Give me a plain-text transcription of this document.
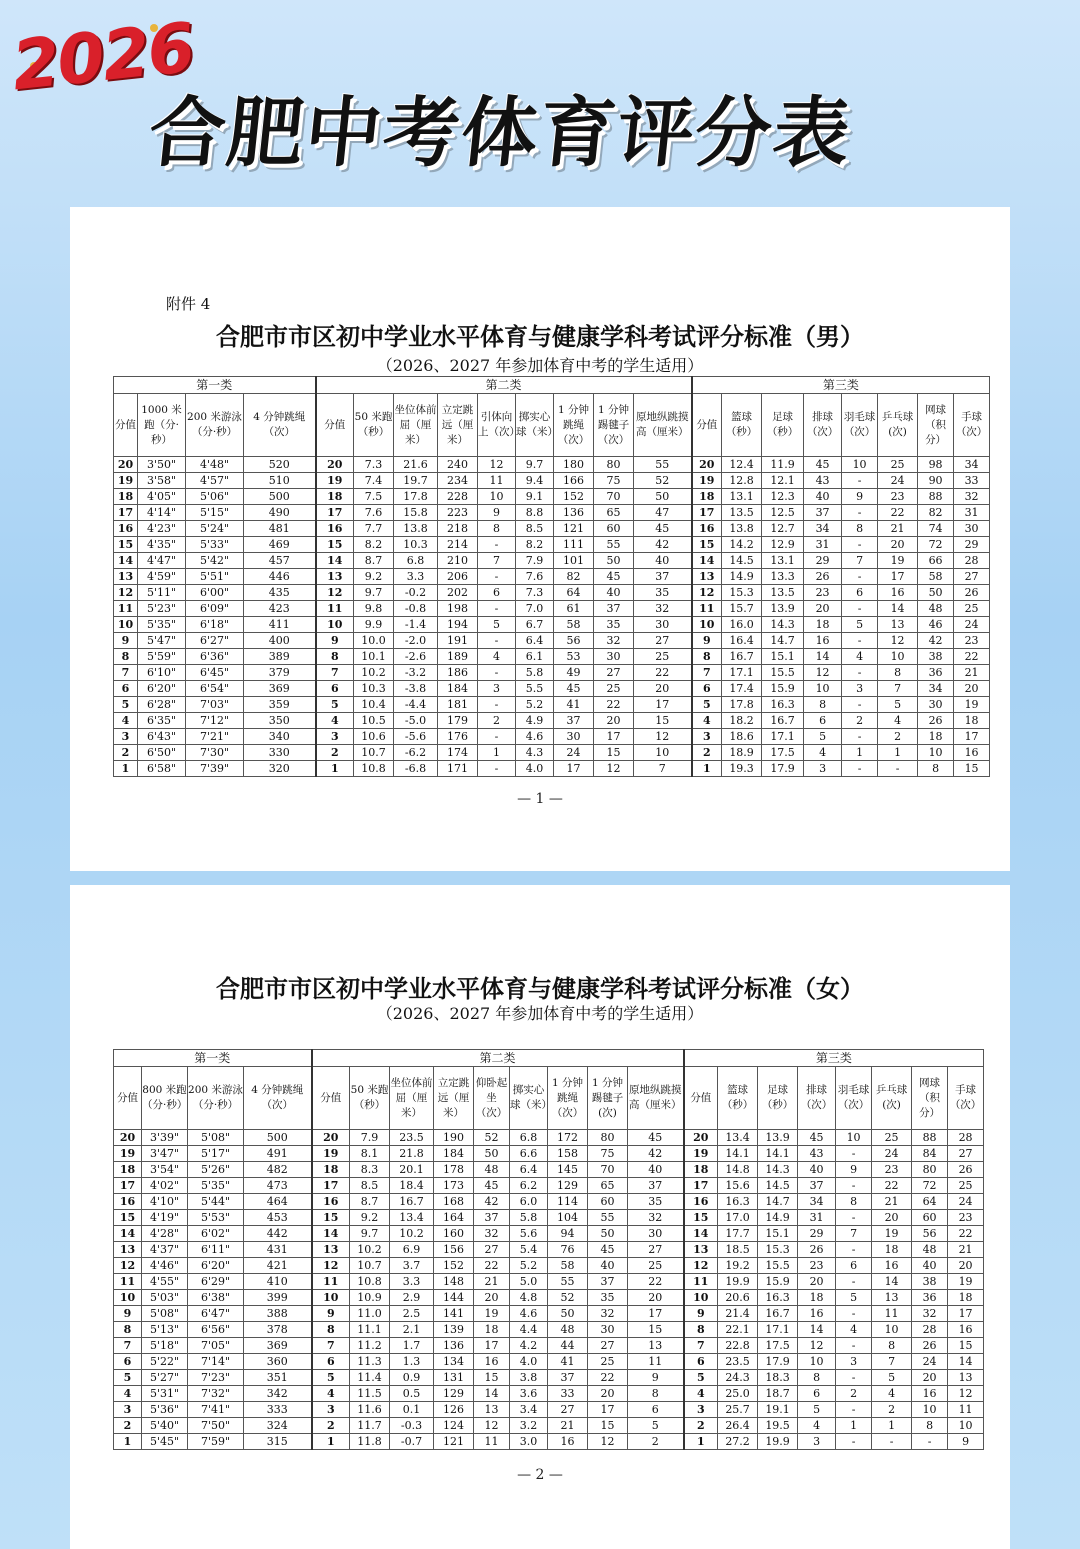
2026
合肥中考体育评分表
附件 4
合肥市市区初中学业水平体育与健康学科考试评分标准（男）
（2026、2027 年参加体育中考的学生适用）
第一类				第二类									第三类							
分值	1000 米跑（分·秒）	200 米游泳（分·秒）	4 分钟跳绳（次）	分值	50 米跑（秒）	坐位体前屈（厘米）	立定跳远（厘米）	引体向上（次）	掷实心球（米）	1 分钟跳绳（次）	1 分钟踢毽子（次）	原地纵跳摸高（厘米）	分值	篮球（秒）	足球（秒）	排球（次）	羽毛球（次）	乒乓球(次)	网球（积分）	手球（次）
20	3'50"	4'48"	520	20	7.3	21.6	240	12	9.7	180	80	55	20	12.4	11.9	45	10	25	98	34
19	3'58"	4'57"	510	19	7.4	19.7	234	11	9.4	166	75	52	19	12.8	12.1	43	-	24	90	33
18	4'05"	5'06"	500	18	7.5	17.8	228	10	9.1	152	70	50	18	13.1	12.3	40	9	23	88	32
17	4'14"	5'15"	490	17	7.6	15.8	223	9	8.8	136	65	47	17	13.5	12.5	37	-	22	82	31
16	4'23"	5'24"	481	16	7.7	13.8	218	8	8.5	121	60	45	16	13.8	12.7	34	8	21	74	30
15	4'35"	5'33"	469	15	8.2	10.3	214	-	8.2	111	55	42	15	14.2	12.9	31	-	20	72	29
14	4'47"	5'42"	457	14	8.7	6.8	210	7	7.9	101	50	40	14	14.5	13.1	29	7	19	66	28
13	4'59"	5'51"	446	13	9.2	3.3	206	-	7.6	82	45	37	13	14.9	13.3	26	-	17	58	27
12	5'11"	6'00"	435	12	9.7	-0.2	202	6	7.3	64	40	35	12	15.3	13.5	23	6	16	50	26
11	5'23"	6'09"	423	11	9.8	-0.8	198	-	7.0	61	37	32	11	15.7	13.9	20	-	14	48	25
10	5'35"	6'18"	411	10	9.9	-1.4	194	5	6.7	58	35	30	10	16.0	14.3	18	5	13	46	24
9	5'47"	6'27"	400	9	10.0	-2.0	191	-	6.4	56	32	27	9	16.4	14.7	16	-	12	42	23
8	5'59"	6'36"	389	8	10.1	-2.6	189	4	6.1	53	30	25	8	16.7	15.1	14	4	10	38	22
7	6'10"	6'45"	379	7	10.2	-3.2	186	-	5.8	49	27	22	7	17.1	15.5	12	-	8	36	21
6	6'20"	6'54"	369	6	10.3	-3.8	184	3	5.5	45	25	20	6	17.4	15.9	10	3	7	34	20
5	6'28"	7'03"	359	5	10.4	-4.4	181	-	5.2	41	22	17	5	17.8	16.3	8	-	5	30	19
4	6'35"	7'12"	350	4	10.5	-5.0	179	2	4.9	37	20	15	4	18.2	16.7	6	2	4	26	18
3	6'43"	7'21"	340	3	10.6	-5.6	176	-	4.6	30	17	12	3	18.6	17.1	5	-	2	18	17
2	6'50"	7'30"	330	2	10.7	-6.2	174	1	4.3	24	15	10	2	18.9	17.5	4	1	1	10	16
1	6'58"	7'39"	320	1	10.8	-6.8	171	-	4.0	17	12	7	1	19.3	17.9	3	-	-	8	15
— 1 —
合肥市市区初中学业水平体育与健康学科考试评分标准（女）
（2026、2027 年参加体育中考的学生适用）
第一类				第二类									第三类							
分值	800 米跑（分·秒）	200 米游泳（分·秒）	4 分钟跳绳（次）	分值	50 米跑（秒）	坐位体前屈（厘米）	立定跳远（厘米）	仰卧起坐（次）	掷实心球（米）	1 分钟跳绳（次）	1 分钟踢毽子(次)	原地纵跳摸高（厘米）	分值	篮球（秒）	足球（秒）	排球（次）	羽毛球（次）	乒乓球(次)	网球（积分）	手球（次）
20	3'39"	5'08"	500	20	7.9	23.5	190	52	6.8	172	80	45	20	13.4	13.9	45	10	25	88	28
19	3'47"	5'17"	491	19	8.1	21.8	184	50	6.6	158	75	42	19	14.1	14.1	43	-	24	84	27
18	3'54"	5'26"	482	18	8.3	20.1	178	48	6.4	145	70	40	18	14.8	14.3	40	9	23	80	26
17	4'02"	5'35"	473	17	8.5	18.4	173	45	6.2	129	65	37	17	15.6	14.5	37	-	22	72	25
16	4'10"	5'44"	464	16	8.7	16.7	168	42	6.0	114	60	35	16	16.3	14.7	34	8	21	64	24
15	4'19"	5'53"	453	15	9.2	13.4	164	37	5.8	104	55	32	15	17.0	14.9	31	-	20	60	23
14	4'28"	6'02"	442	14	9.7	10.2	160	32	5.6	94	50	30	14	17.7	15.1	29	7	19	56	22
13	4'37"	6'11"	431	13	10.2	6.9	156	27	5.4	76	45	27	13	18.5	15.3	26	-	18	48	21
12	4'46"	6'20"	421	12	10.7	3.7	152	22	5.2	58	40	25	12	19.2	15.5	23	6	16	40	20
11	4'55"	6'29"	410	11	10.8	3.3	148	21	5.0	55	37	22	11	19.9	15.9	20	-	14	38	19
10	5'03"	6'38"	399	10	10.9	2.9	144	20	4.8	52	35	20	10	20.6	16.3	18	5	13	36	18
9	5'08"	6'47"	388	9	11.0	2.5	141	19	4.6	50	32	17	9	21.4	16.7	16	-	11	32	17
8	5'13"	6'56"	378	8	11.1	2.1	139	18	4.4	48	30	15	8	22.1	17.1	14	4	10	28	16
7	5'18"	7'05"	369	7	11.2	1.7	136	17	4.2	44	27	13	7	22.8	17.5	12	-	8	26	15
6	5'22"	7'14"	360	6	11.3	1.3	134	16	4.0	41	25	11	6	23.5	17.9	10	3	7	24	14
5	5'27"	7'23"	351	5	11.4	0.9	131	15	3.8	37	22	9	5	24.3	18.3	8	-	5	20	13
4	5'31"	7'32"	342	4	11.5	0.5	129	14	3.6	33	20	8	4	25.0	18.7	6	2	4	16	12
3	5'36"	7'41"	333	3	11.6	0.1	126	13	3.4	27	17	6	3	25.7	19.1	5	-	2	10	11
2	5'40"	7'50"	324	2	11.7	-0.3	124	12	3.2	21	15	5	2	26.4	19.5	4	1	1	8	10
1	5'45"	7'59"	315	1	11.8	-0.7	121	11	3.0	16	12	2	1	27.2	19.9	3	-	-	-	9
— 2 —
